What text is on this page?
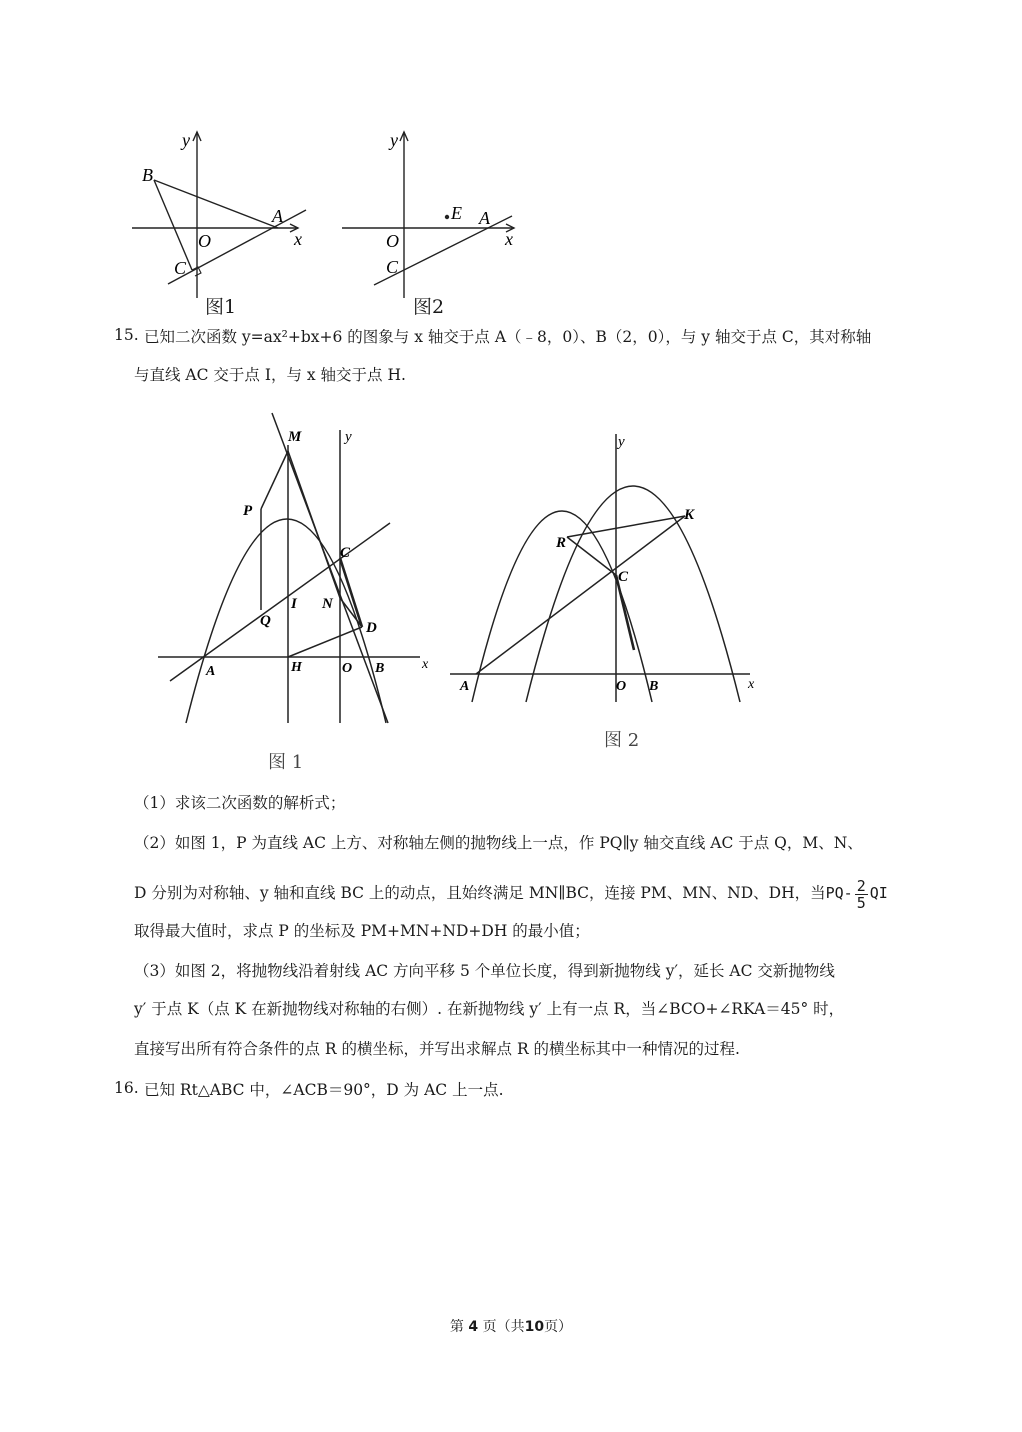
y
B
A
O	x
C
图1
y
E A
O	x
C
图2
15. 已知二次函数 y=ax²+bx+6 的图象与 x 轴交于点 A（﹣8，0）、B（2，0），与 y 轴交于点 C，其对称轴
与直线 AC 交于点 I，与 x 轴交于点 H.
M	y
P
C
Q
I N
D
A	H	O B	x
图 1
y
K
R
C
A	O B	x
图 2
（1）求该二次函数的解析式；
（2）如图 1，P 为直线 AC 上方、对称轴左侧的抛物线上一点，作 PQ∥y 轴交直线 AC 于点 Q，M、N、
D 分别为对称轴、y 轴和直线 BC 上的动点，且始终满足 MN∥BC，连接 PM、MN、ND、DH，当$PQ- \frac{2}{5}$ QI
取得最大值时，求点 P 的坐标及 PM+MN+ND+DH 的最小值；
（3）如图 2，将抛物线沿着射线 AC 方向平移 5 个单位长度，得到新抛物线 y′，延长 AC 交新抛物线
y′ 于点 K（点 K 在新抛物线对称轴的右侧）. 在新抛物线 y′ 上有一点 R，当∠BCO+∠RKA＝45° 时，
直接写出所有符合条件的点 R 的横坐标，并写出求解点 R 的横坐标其中一种情况的过程.
16. 已知 Rt△ABC 中，∠ACB＝90°，D 为 AC 上一点.
第 4 页（共10页）
